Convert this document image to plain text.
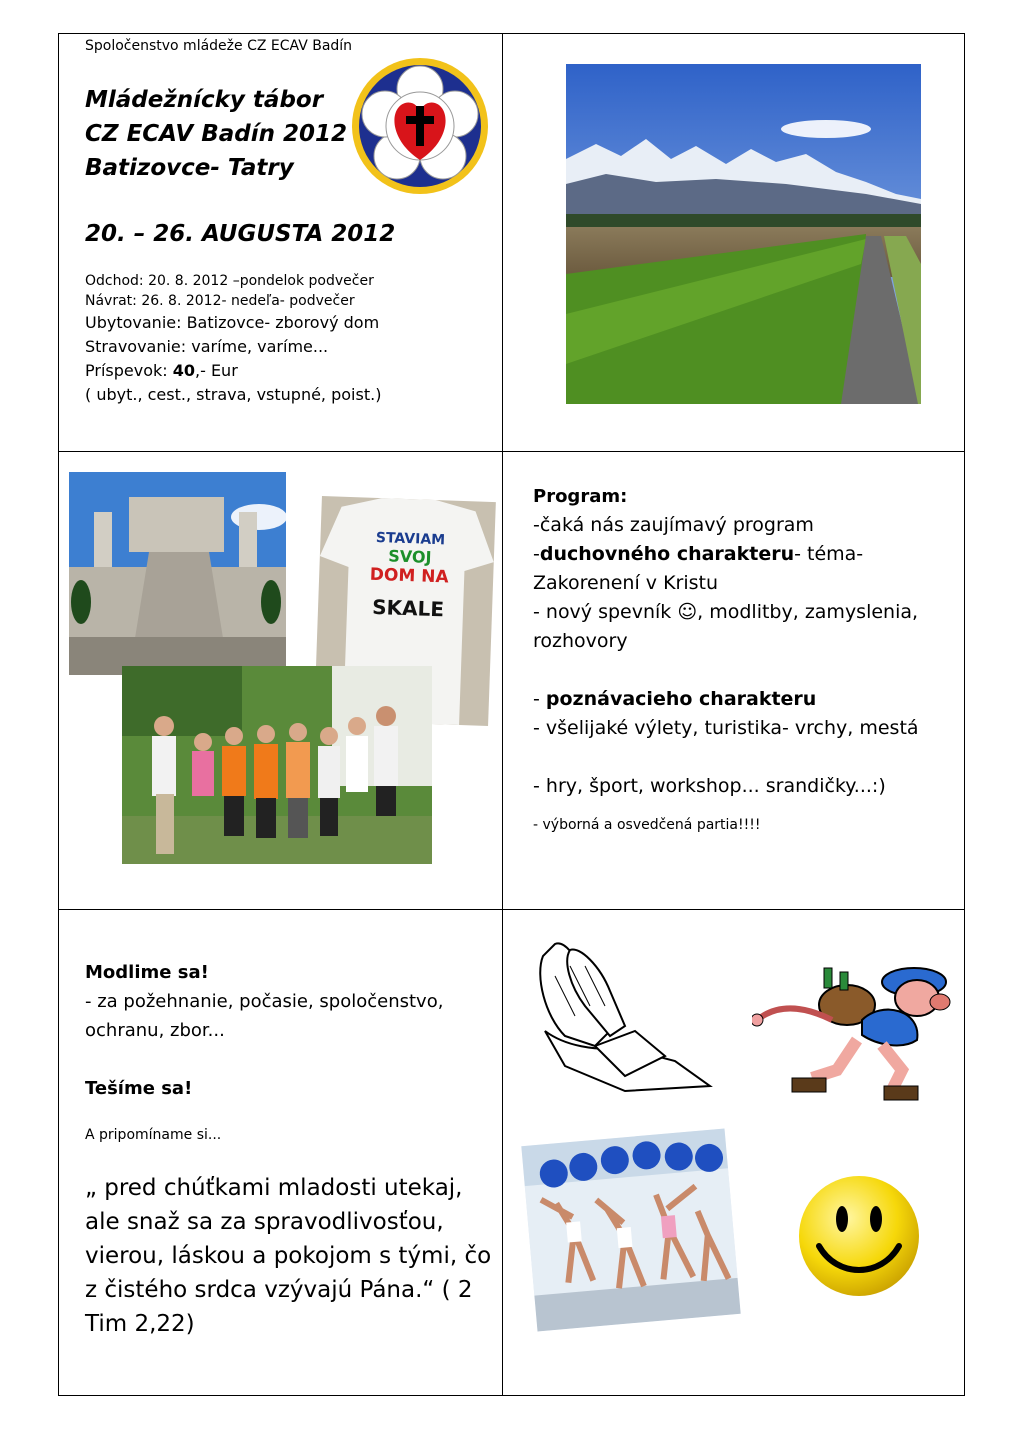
Spoločenstvo mládeže CZ ECAV Badín
Mládežnícky tábor
CZ ECAV Badín 2012
Batizovce- Tatry
20. – 26. AUGUSTA 2012
Odchod: 20. 8. 2012 –pondelok podvečer
Návrat: 26. 8. 2012- nedeľa- podvečer
Ubytovanie: Batizovce- zborový dom
Stravovanie: varíme, varíme...
Príspevok: 40,- Eur
( ubyt., cest., strava, vstupné, poist.)
STAVIAM
SVOJ
DOM NA
SKALE
Program:
-čaká nás zaujímavý program
-duchovného charakteru- téma- Zakorenení v Kristu
- nový spevník ☺, modlitby, zamyslenia, rozhovory
- poznávacieho charakteru
- všelijaké výlety, turistika- vrchy, mestá
- hry, šport, workshop... srandičky...:)
- výborná a osvedčená partia!!!!
Modlime sa!
- za požehnanie, počasie, spoločenstvo, ochranu, zbor...
Tešíme sa!
A pripomíname si...
„ pred chúťkami mladosti utekaj, ale snaž sa za spravodlivosťou, vierou, láskou a pokojom s tými, čo z čistého srdca vzývajú Pána.“ ( 2 Tim 2,22)
